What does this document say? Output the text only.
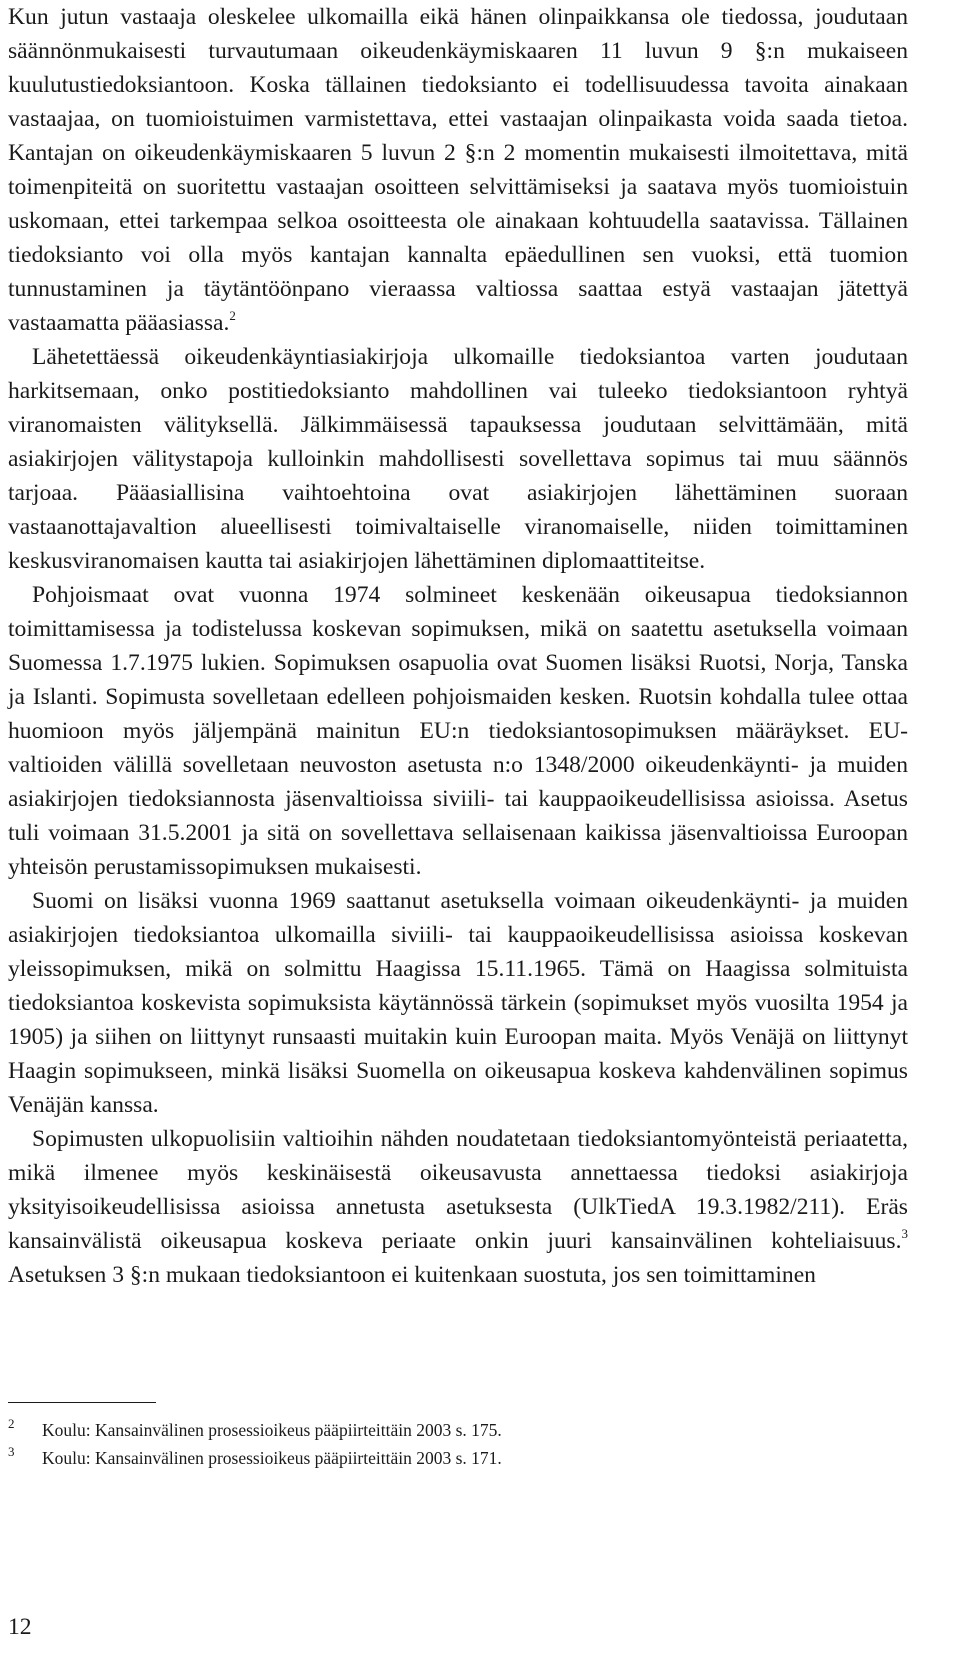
Kun jutun vastaaja oleskelee ulkomailla eikä hänen olinpaikkansa ole tiedossa, joudutaan säännönmukaisesti turvautumaan oikeudenkäymiskaaren 11 luvun 9 §:n mukaiseen kuulutustiedoksiantoon. Koska tällainen tiedoksianto ei todellisuudessa tavoita ainakaan vastaajaa, on tuomioistuimen varmistettava, ettei vastaajan olinpaikasta voida saada tietoa. Kantajan on oikeudenkäymiskaaren 5 luvun 2 §:n 2 momentin mukaisesti ilmoitettava, mitä toimenpiteitä on suoritettu vastaajan osoitteen selvittämiseksi ja saatava myös tuomioistuin uskomaan, ettei tarkempaa selkoa osoitteesta ole ainakaan kohtuudella saatavissa. Tällainen tiedoksianto voi olla myös kantajan kannalta epäedullinen sen vuoksi, että tuomion tunnustaminen ja täytäntöönpano vieraassa valtiossa saattaa estyä vastaajan jätettyä vastaamatta pääasiassa.$^2$

Lähetettäessä oikeudenkäyntiasiakirjoja ulkomaille tiedoksiantoa varten joudutaan harkitsemaan, onko postitiedoksianto mahdollinen vai tuleeko tiedoksiantoon ryhtyä viranomaisten välityksellä. Jälkimmäisessä tapauksessa joudutaan selvittämään, mitä asiakirjojen välitystapoja kulloinkin mahdollisesti sovellettava sopimus tai muu säännös tarjoaa. Pääasiallisina vaihtoehtoina ovat asiakirjojen lähettäminen suoraan vastaanottajavaltion alueellisesti toimivaltaiselle viranomaiselle, niiden toimittaminen keskusviranomaisen kautta tai asiakirjojen lähettäminen diplomaattiteitse.

Pohjoismaat ovat vuonna 1974 solmineet keskenään oikeusapua tiedoksiannon toimittamisessa ja todistelussa koskevan sopimuksen, mikä on saatettu asetuksella voimaan Suomessa 1.7.1975 lukien. Sopimuksen osapuolia ovat Suomen lisäksi Ruotsi, Norja, Tanska ja Islanti. Sopimusta sovelletaan edelleen pohjoismaiden kesken. Ruotsin kohdalla tulee ottaa huomioon myös jäljempänä mainitun EU:n tiedoksiantosopimuksen määräykset. EU-valtioiden välillä sovelletaan neuvoston asetusta n:o 1348/2000 oikeudenkäynti- ja muiden asiakirjojen tiedoksiannosta jäsenvaltioissa siviili- tai kauppaoikeudellisissa asioissa. Asetus tuli voimaan 31.5.2001 ja sitä on sovellettava sellaisenaan kaikissa jäsenvaltioissa Euroopan yhteisön perustamissopimuksen mukaisesti.

Suomi on lisäksi vuonna 1969 saattanut asetuksella voimaan oikeudenkäynti- ja muiden asiakirjojen tiedoksiantoa ulkomailla siviili- tai kauppaoikeudellisissa asioissa koskevan yleissopimuksen, mikä on solmittu Haagissa 15.11.1965. Tämä on Haagissa solmituista tiedoksiantoa koskevista sopimuksista käytännössä tärkein (sopimukset myös vuosilta 1954 ja 1905) ja siihen on liittynyt runsaasti muitakin kuin Euroopan maita. Myös Venäjä on liittynyt Haagin sopimukseen, minkä lisäksi Suomella on oikeusapua koskeva kahdenvälinen sopimus Venäjän kanssa.

Sopimusten ulkopuolisiin valtioihin nähden noudatetaan tiedoksiantomyönteistä periaatetta, mikä ilmenee myös keskinäisestä oikeusavusta annettaessa tiedoksi asiakirjoja yksityisoikeudellisissa asioissa annetusta asetuksesta (UlkTiedA 19.3.1982/211). Eräs kansainvälistä oikeusapua koskeva periaate onkin juuri kansainvälinen kohteliaisuus.$^3$ Asetuksen 3 §:n mukaan tiedoksiantoon ei kuitenkaan suostuta, jos sen toimittaminen

2 Koulu: Kansainvälinen prosessioikeus pääpiirteittäin 2003 s. 175.
3 Koulu: Kansainvälinen prosessioikeus pääpiirteittäin 2003 s. 171.
12
